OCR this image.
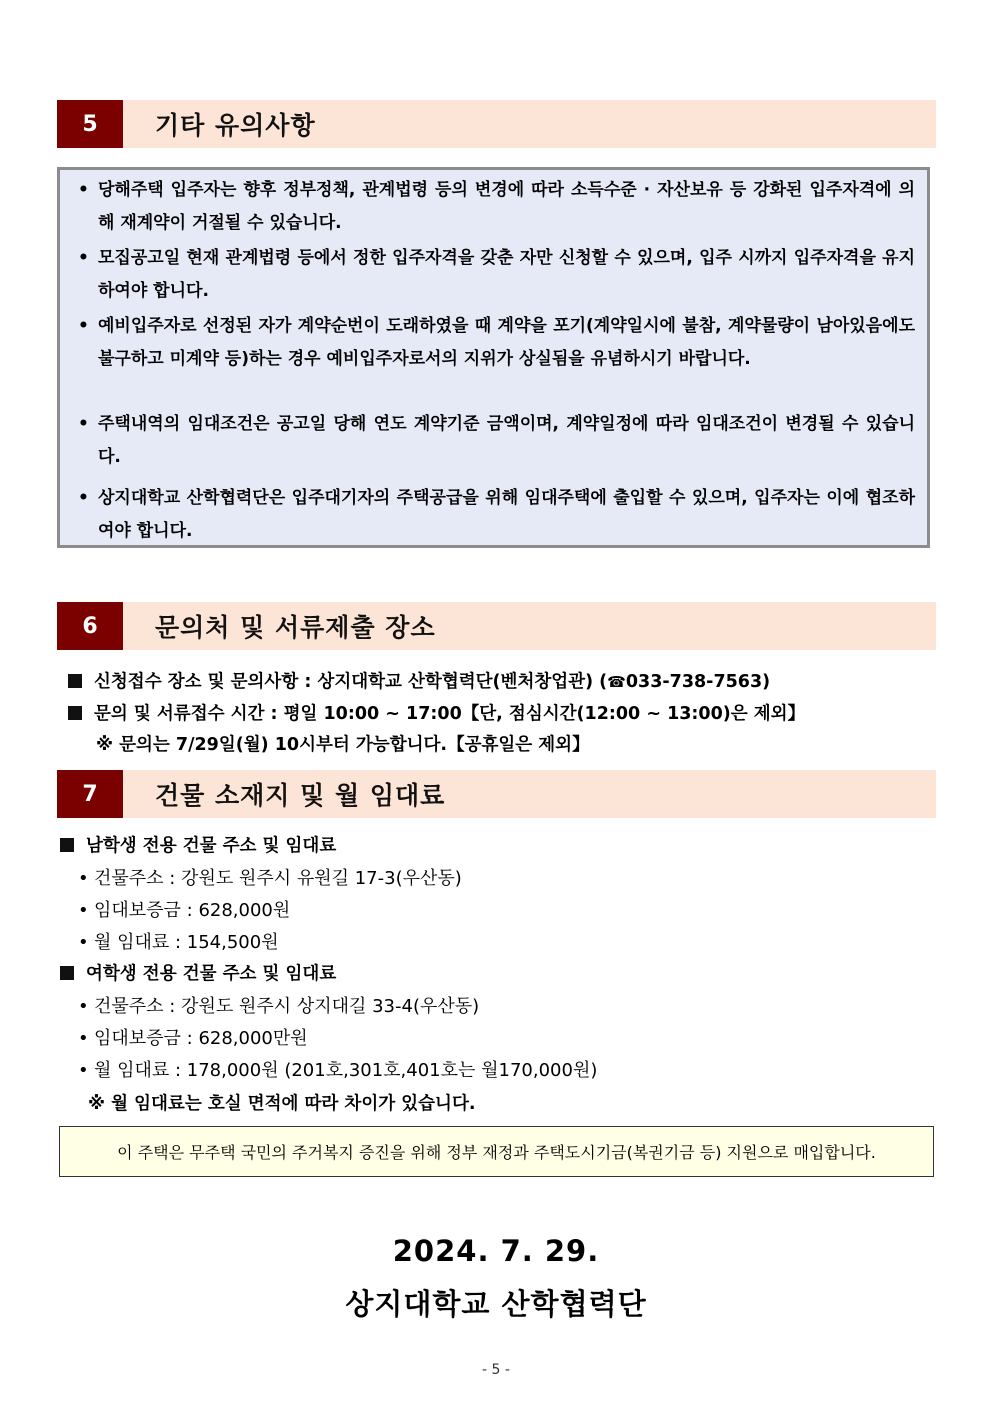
5	기타 유의사항
• 당해주택 입주자는 향후 정부정책, 관계법령 등의 변경에 따라 소득수준 · 자산보유 등 강화된 입주자격에 의해 재계약이 거절될 수 있습니다.
• 모집공고일 현재 관계법령 등에서 정한 입주자격을 갖춘 자만 신청할 수 있으며, 입주 시까지 입주자격을 유지하여야 합니다.
• 예비입주자로 선정된 자가 계약순번이 도래하였을 때 계약을 포기(계약일시에 불참, 계약물량이 남아있음에도 불구하고 미계약 등)하는 경우 예비입주자로서의 지위가 상실됨을 유념하시기 바랍니다.
• 주택내역의 임대조건은 공고일 당해 연도 계약기준 금액이며, 계약일정에 따라 임대조건이 변경될 수 있습니다.
• 상지대학교 산학협력단은 입주대기자의 주택공급을 위해 임대주택에 출입할 수 있으며, 입주자는 이에 협조하여야 합니다.
6	문의처 및 서류제출 장소
신청접수 장소 및 문의사항 : 상지대학교 산학협력단(벤처창업관) (☎033-738-7563)
문의 및 서류접수 시간 : 평일 10:00 ~ 17:00【단, 점심시간(12:00 ~ 13:00)은 제외】
※ 문의는 7/29일(월) 10시부터 가능합니다.【공휴일은 제외】
7	건물 소재지 및 월 임대료
남학생 전용 건물 주소 및 임대료
• 건물주소 : 강원도 원주시 유원길 17-3(우산동)
• 임대보증금 : 628,000원
• 월 임대료 : 154,500원
여학생 전용 건물 주소 및 임대료
• 건물주소 : 강원도 원주시 상지대길 33-4(우산동)
• 임대보증금 : 628,000만원
• 월 임대료 : 178,000원 (201호,301호,401호는 월170,000원)
※ 월 임대료는 호실 면적에 따라 차이가 있습니다.
이 주택은 무주택 국민의 주거복지 증진을 위해 정부 재정과 주택도시기금(복권기금 등) 지원으로 매입합니다.
2024. 7. 29.
상지대학교 산학협력단
- 5 -
